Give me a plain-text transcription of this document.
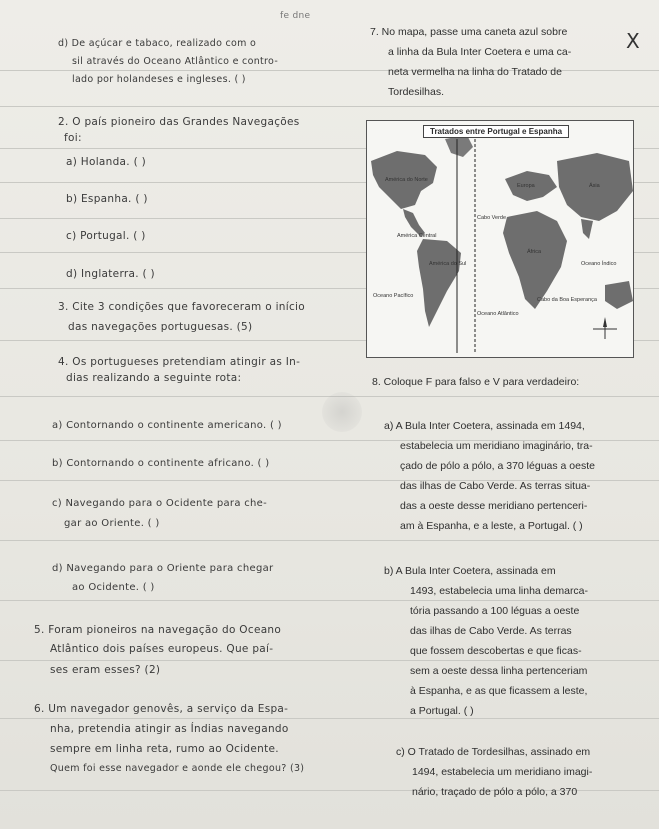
fe dne
X
d) De açúcar e tabaco, realizado com o
sil através do Oceano Atlântico e contro-
lado por holandeses e ingleses. ( )
2. O país pioneiro das Grandes Navegações
foi:
a) Holanda. ( )
b) Espanha. ( )
c) Portugal. ( )
d) Inglaterra. ( )
3. Cite 3 condições que favoreceram o início
das navegações portuguesas. (5)
4. Os portugueses pretendiam atingir as In-
dias realizando a seguinte rota:
a) Contornando o continente americano. ( )
b) Contornando o continente africano. ( )
c) Navegando para o Ocidente para che-
gar ao Oriente. ( )
d) Navegando para o Oriente para chegar
ao Ocidente. ( )
5. Foram pioneiros na navegação do Oceano
Atlântico dois países europeus. Que paí-
ses eram esses? (2)
6. Um navegador genovês, a serviço da Espa-
nha, pretendia atingir as Índias navegando
sempre em linha reta, rumo ao Ocidente.
Quem foi esse navegador e aonde ele chegou? (3)
7. No mapa, passe uma caneta azul sobre
a linha da Bula Inter Coetera e uma ca-
neta vermelha na linha do Tratado de
Tordesilhas.
Tratados entre Portugal e Espanha
América do Norte
Europa	Ásia
Cabo Verde
África
América Central
América do Sul	Oceano Índico
Oceano Pacífico
Cabo da Boa Esperança
Oceano Atlântico
8. Coloque F para falso e V para verdadeiro:
a) A Bula Inter Coetera, assinada em 1494,
estabelecia um meridiano imaginário, tra-
çado de pólo a pólo, a 370 léguas a oeste
das ilhas de Cabo Verde. As terras situa-
das a oeste desse meridiano pertenceri-
am à Espanha, e a leste, a Portugal. ( )
b) A Bula Inter Coetera, assinada em
1493, estabelecia uma linha demarca-
tória passando a 100 léguas a oeste
das ilhas de Cabo Verde. As terras
que fossem descobertas e que ficas-
sem a oeste dessa linha pertenceriam
à Espanha, e as que ficassem a leste,
a Portugal. ( )
c) O Tratado de Tordesilhas, assinado em
1494, estabelecia um meridiano imagi-
nário, traçado de pólo a pólo, a 370
